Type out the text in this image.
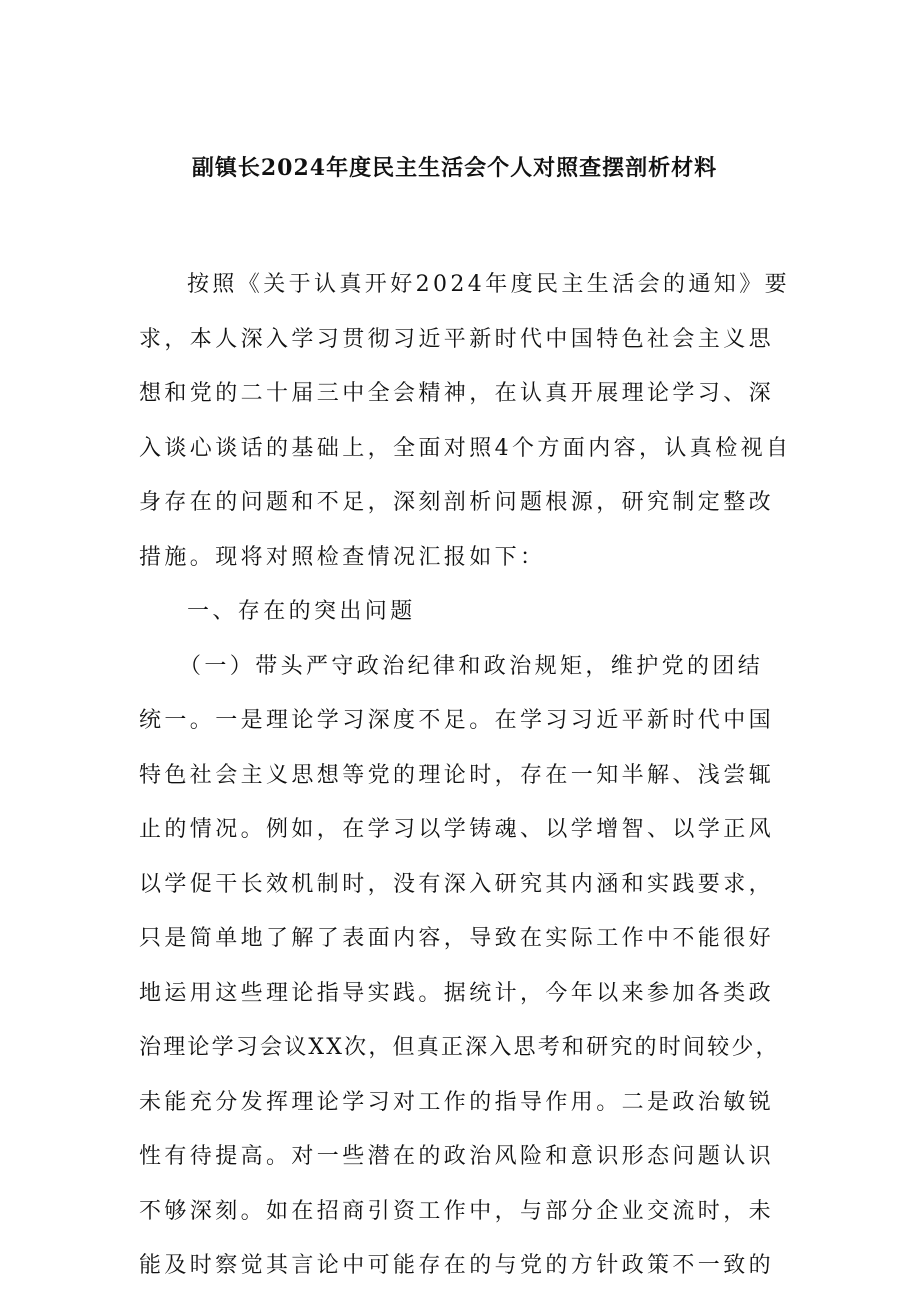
副镇长2024年度民主生活会个人对照查摆剖析材料

按照《关于认真开好2024年度民主生活会的通知》要

求，本人深入学习贯彻习近平新时代中国特色社会主义思

想和党的二十届三中全会精神，在认真开展理论学习、深

入谈心谈话的基础上，全面对照4个方面内容，认真检视自

身存在的问题和不足，深刻剖析问题根源，研究制定整改

措施。现将对照检查情况汇报如下：

一、存在的突出问题

（一）带头严守政治纪律和政治规矩，维护党的团结

统一。一是理论学习深度不足。在学习习近平新时代中国

特色社会主义思想等党的理论时，存在一知半解、浅尝辄

止的情况。例如，在学习以学铸魂、以学增智、以学正风

以学促干长效机制时，没有深入研究其内涵和实践要求，

只是简单地了解了表面内容，导致在实际工作中不能很好

地运用这些理论指导实践。据统计，今年以来参加各类政

治理论学习会议XX次，但真正深入思考和研究的时间较少，

未能充分发挥理论学习对工作的指导作用。二是政治敏锐

性有待提高。对一些潜在的政治风险和意识形态问题认识

不够深刻。如在招商引资工作中，与部分企业交流时，未

能及时察觉其言论中可能存在的与党的方针政策不一致的
